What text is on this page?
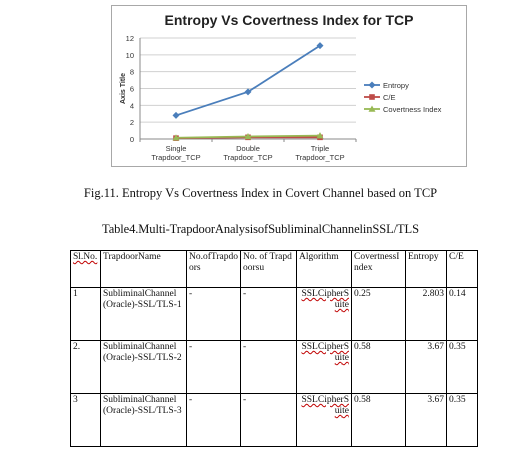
Entropy Vs Covertness Index for TCP
0
2
4
6
8
10
12
Axis Title
Single
Trapdoor_TCP
Double
Trapdoor_TCP
Triple
Trapdoor_TCP
Entropy
C/E
Covertness Index
Fig.11. Entropy Vs Covertness Index in Covert Channel based on TCP
Table4.Multi-TrapdoorAnalysisofSubliminalChannelinSSL/TLS
Sl.No.	TrapdoorName	No.ofTrapdoors	No. of Trapdoorsu	Algorithm	CovertnessIndex	Entropy	C/E
1	SubliminalChannel(Oracle)-SSL/TLS-1	-	-	SSLCipherSuite	0.25	2.803	0.14
2.	SubliminalChannel(Oracle)-SSL/TLS-2	-	-	SSLCipherSuite	0.58	3.67	0.35
3	SubliminalChannel(Oracle)-SSL/TLS-3	-	-	SSLCipherSuite	0.58	3.67	0.35
